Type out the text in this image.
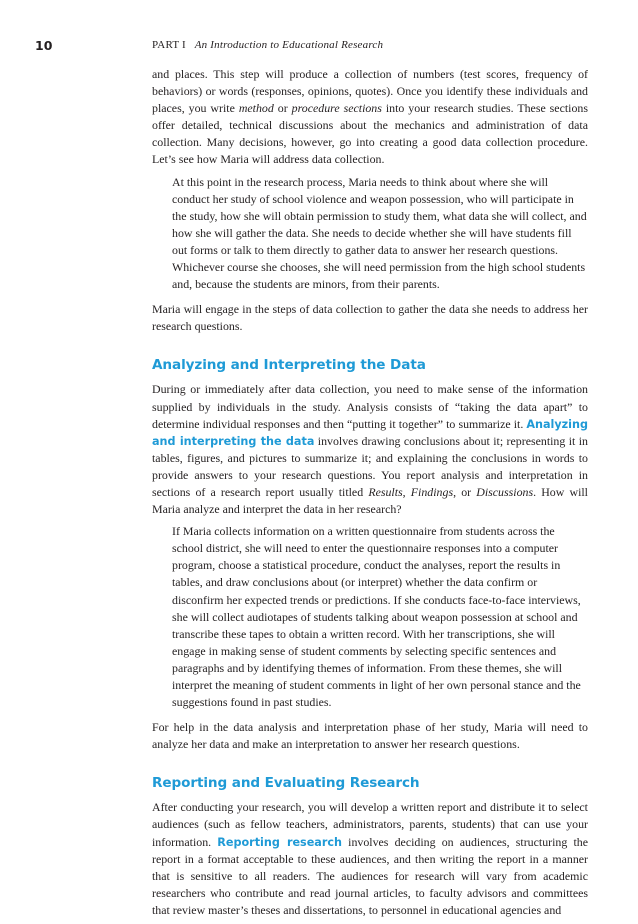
10	PART I An Introduction to Educational Research

and places. This step will produce a collection of numbers (test scores, frequency of behaviors) or words (responses, opinions, quotes). Once you identify these individuals and places, you write method or procedure sections into your research studies. These sections offer detailed, technical discussions about the mechanics and administration of data collection. Many decisions, however, go into creating a good data collection procedure. Let’s see how Maria will address data collection.

At this point in the research process, Maria needs to think about where she will conduct her study of school violence and weapon possession, who will participate in the study, how she will obtain permission to study them, what data she will collect, and how she will gather the data. She needs to decide whether she will have students fill out forms or talk to them directly to gather data to answer her research questions. Whichever course she chooses, she will need permission from the high school students and, because the students are minors, from their parents.

Maria will engage in the steps of data collection to gather the data she needs to address her research questions.

Analyzing and Interpreting the Data

During or immediately after data collection, you need to make sense of the information supplied by individuals in the study. Analysis consists of “taking the data apart” to determine individual responses and then “putting it together” to summarize it. Analyzing and interpreting the data involves drawing conclusions about it; representing it in tables, figures, and pictures to summarize it; and explaining the conclusions in words to provide answers to your research questions. You report analysis and interpretation in sections of a research report usually titled Results, Findings, or Discussions. How will Maria analyze and interpret the data in her research?

If Maria collects information on a written questionnaire from students across the school district, she will need to enter the questionnaire responses into a computer program, choose a statistical procedure, conduct the analyses, report the results in tables, and draw conclusions about (or interpret) whether the data confirm or disconfirm her expected trends or predictions. If she conducts face-to-face interviews, she will collect audiotapes of students talking about weapon possession at school and transcribe these tapes to obtain a written record. With her transcriptions, she will engage in making sense of student comments by selecting specific sentences and paragraphs and by identifying themes of information. From these themes, she will interpret the meaning of student comments in light of her own personal stance and the suggestions found in past studies.

For help in the data analysis and interpretation phase of her study, Maria will need to analyze her data and make an interpretation to answer her research questions.

Reporting and Evaluating Research

After conducting your research, you will develop a written report and distribute it to select audiences (such as fellow teachers, administrators, parents, students) that can use your information. Reporting research involves deciding on audiences, structuring the report in a format acceptable to these audiences, and then writing the report in a manner that is sensitive to all readers. The audiences for research will vary from academic researchers who contribute and read journal articles, to faculty advisors and committees that review master’s theses and dissertations, to personnel in educational agencies and
